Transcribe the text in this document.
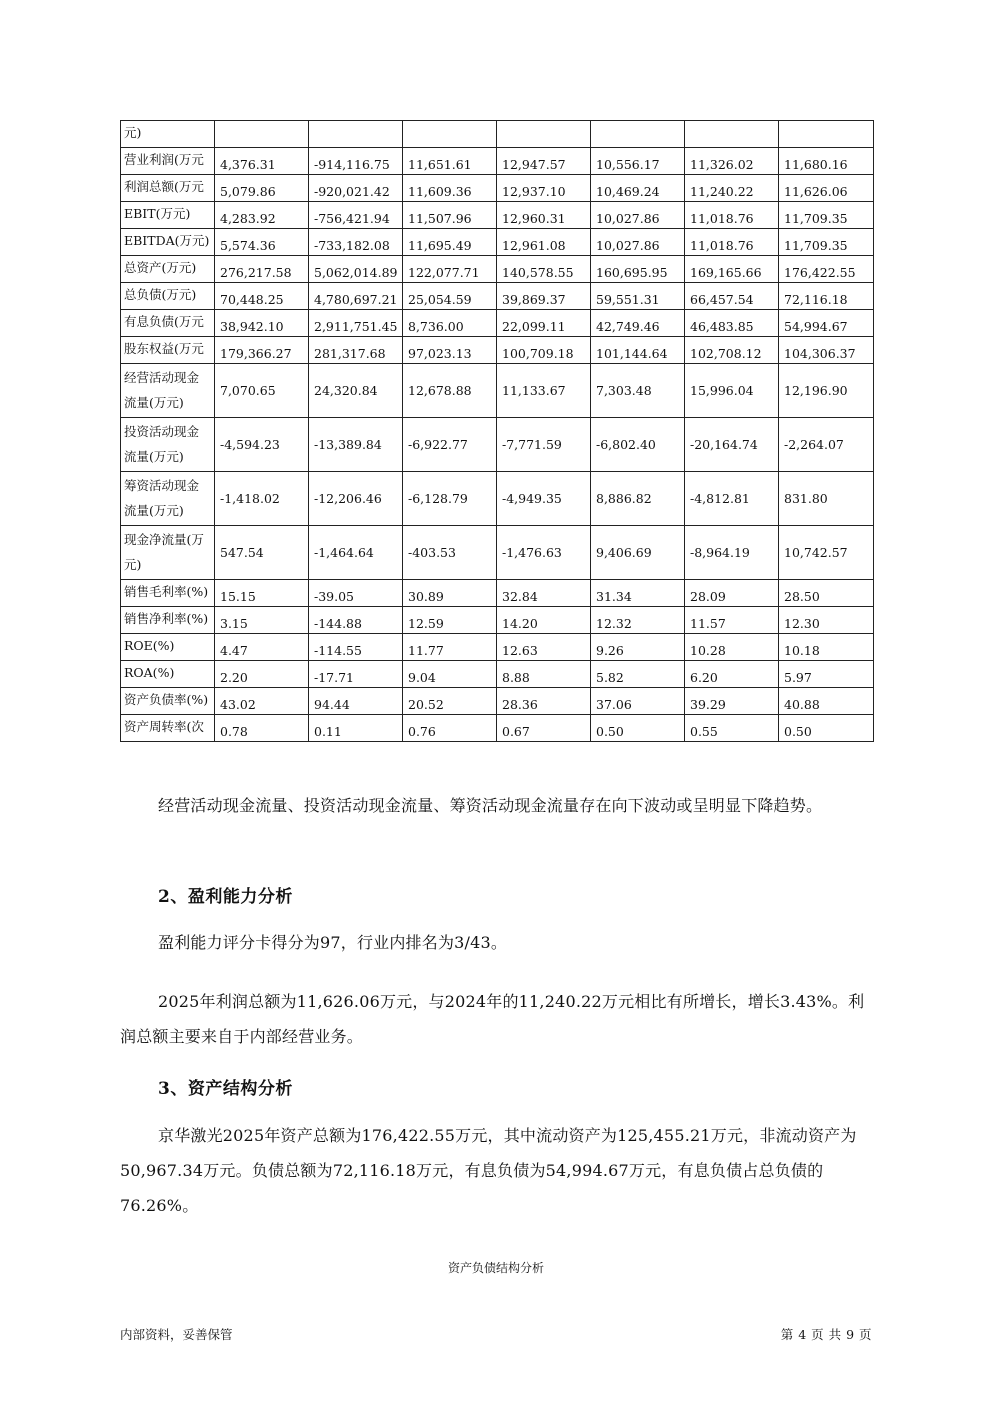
元)							

营业利润(万元	4,376.31	-914,116.75	11,651.61	12,947.57	10,556.17	11,326.02	11,680.16

利润总额(万元	5,079.86	-920,021.42	11,609.36	12,937.10	10,469.24	11,240.22	11,626.06

EBIT(万元)	4,283.92	-756,421.94	11,507.96	12,960.31	10,027.86	11,018.76	11,709.35

EBITDA(万元)	5,574.36	-733,182.08	11,695.49	12,961.08	10,027.86	11,018.76	11,709.35

总资产(万元)	276,217.58	5,062,014.89	122,077.71	140,578.55	160,695.95	169,165.66	176,422.55

总负债(万元)	70,448.25	4,780,697.21	25,054.59	39,869.37	59,551.31	66,457.54	72,116.18

有息负债(万元	38,942.10	2,911,751.45	8,736.00	22,099.11	42,749.46	46,483.85	54,994.67

股东权益(万元	179,366.27	281,317.68	97,023.13	100,709.18	101,144.64	102,708.12	104,306.37

经营活动现金
流量(万元)	7,070.65	24,320.84	12,678.88	11,133.67	7,303.48	15,996.04	12,196.90

投资活动现金
流量(万元)	-4,594.23	-13,389.84	-6,922.77	-7,771.59	-6,802.40	-20,164.74	-2,264.07

筹资活动现金
流量(万元)	-1,418.02	-12,206.46	-6,128.79	-4,949.35	8,886.82	-4,812.81	831.80

现金净流量(万
元)	547.54	-1,464.64	-403.53	-1,476.63	9,406.69	-8,964.19	10,742.57

销售毛利率(%)	15.15	-39.05	30.89	32.84	31.34	28.09	28.50

销售净利率(%)	3.15	-144.88	12.59	14.20	12.32	11.57	12.30

ROE(%)	4.47	-114.55	11.77	12.63	9.26	10.28	10.18

ROA(%)	2.20	-17.71	9.04	8.88	5.82	6.20	5.97

资产负债率(%)	43.02	94.44	20.52	28.36	37.06	39.29	40.88

资产周转率(次	0.78	0.11	0.76	0.67	0.50	0.55	0.50
经营活动现金流量、投资活动现金流量、筹资活动现金流量存在向下波动或呈明显下降趋势。
2、盈利能力分析
盈利能力评分卡得分为97，行业内排名为3/43。
2025年利润总额为11,626.06万元，与2024年的11,240.22万元相比有所增长，增长3.43%。利润总额主要来自于内部经营业务。
3、资产结构分析
京华激光2025年资产总额为176,422.55万元，其中流动资产为125,455.21万元，非流动资产为50,967.34万元。负债总额为72,116.18万元，有息负债为54,994.67万元，有息负债占总负债的76.26%。
资产负债结构分析
内部资料，妥善保管	第 4 页 共 9 页
